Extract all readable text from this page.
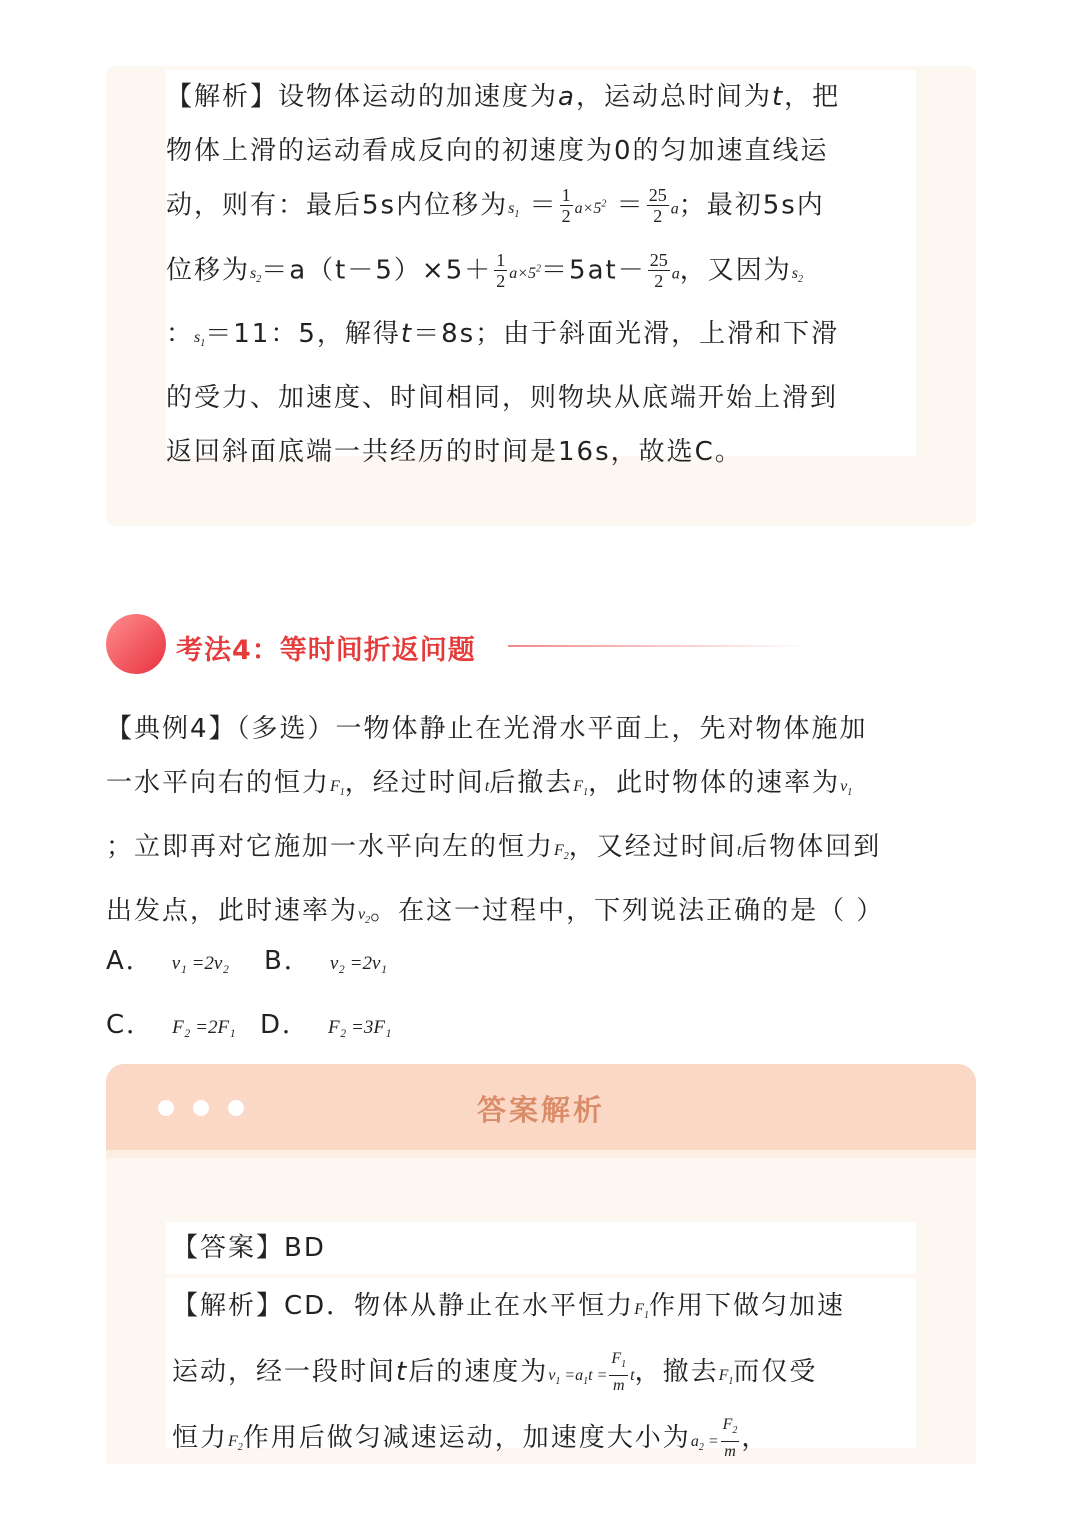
【解析】设物体运动的加速度为a，运动总时间为t，把
物体上滑的运动看成反向的初速度为0的匀加速直线运
动，则有：最后5s内位移为$s_1 = \frac{1}{2} a\times 5^2 = \frac{25}{2}$ a；最初5s内
位移为$s_2=a(t-5)\times 5+ \frac{1}{2} a\times 5^2=5at- \frac{25}{2}$ a，又因为$s_2$
：$s_1=11$：5，解得t＝8s；由于斜面光滑，上滑和下滑
的受力、加速度、时间相同，则物块从底端开始上滑到
返回斜面底端一共经历的时间是16s，故选C。
考法4：等时间折返问题
【典例4】（多选）一物体静止在光滑水平面上，先对物体施加
一水平向右的恒力$F_1$，经过时间t后撤去$F_1$，此时物体的速率为$v_1$
；立即再对它施加一水平向左的恒力$F_2$，又经过时间t后物体回到
出发点，此时速率为$v_2$。在这一过程中，下列说法正确的是（ ）
A． v₁ =2v₂ B． v₂ =2v₁
C． F₂ =2F₁ D． F₂ =3F₁
答案解析
【答案】BD
【解析】CD．物体从静止在水平恒力$F_1$作用下做匀加速
运动，经一段时间t后的速度为$v_1 =a_1t = \frac{F_1}{m}$ t，撤去$F_1$而仅受
恒力$F_2$作用后做匀减速运动，加速度大小为$a_2 = \frac{F_2}{m}$ ，
